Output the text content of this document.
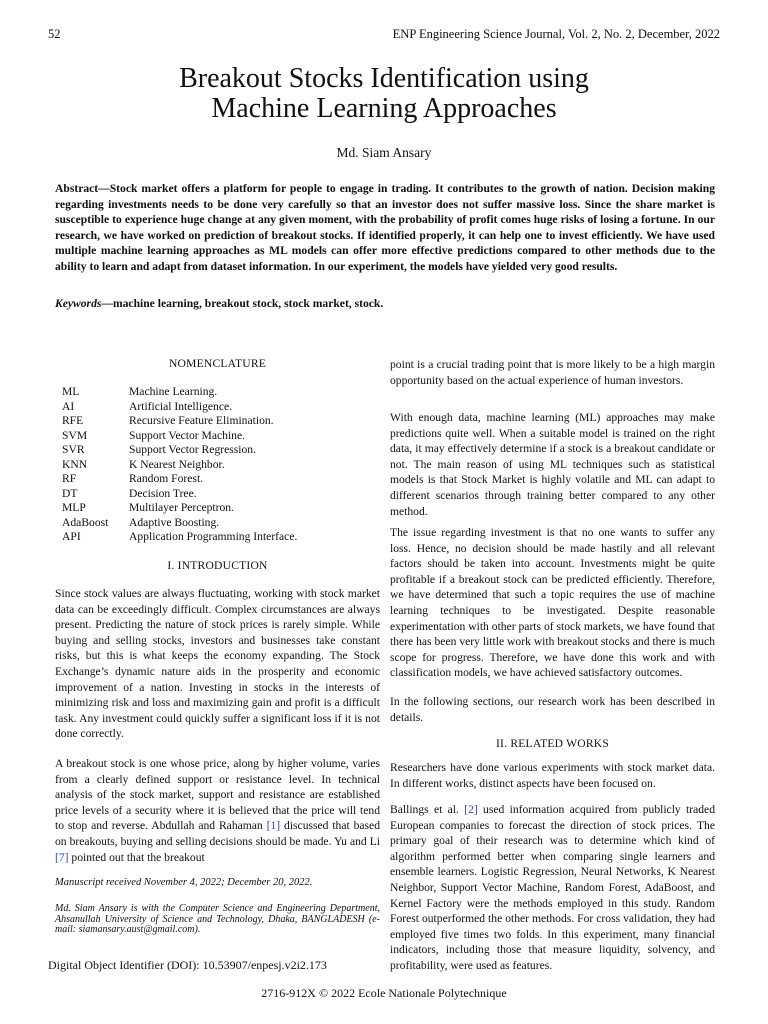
52	ENP Engineering Science Journal, Vol. 2, No. 2, December, 2022
Breakout Stocks Identification using
Machine Learning Approaches
Md. Siam Ansary

Abstract—Stock market offers a platform for people to engage in trading. It contributes to the growth of nation. Decision making regarding investments needs to be done very carefully so that an investor does not suffer massive loss. Since the share market is susceptible to experience huge change at any given moment, with the probability of profit comes huge risks of losing a fortune. In our research, we have worked on prediction of breakout stocks. If identified properly, it can help one to invest efficiently. We have used multiple machine learning approaches as ML models can offer more effective predictions compared to other methods due to the ability to learn and adapt from dataset information. In our experiment, the models have yielded very good results.

Keywords—machine learning, breakout stock, stock market, stock.

NOMENCLATURE
ML	Machine Learning.
AI	Artificial Intelligence.
RFE	Recursive Feature Elimination.
SVM	Support Vector Machine.
SVR	Support Vector Regression.
KNN	K Nearest Neighbor.
RF	Random Forest.
DT	Decision Tree.
MLP	Multilayer Perceptron.
AdaBoost	Adaptive Boosting.
API	Application Programming Interface.
I. INTRODUCTION

Since stock values are always fluctuating, working with stock market data can be exceedingly difficult. Complex circumstances are always present. Predicting the nature of stock prices is rarely simple. While buying and selling stocks, investors and businesses take constant risks, but this is what keeps the economy expanding. The Stock Exchange’s dynamic nature aids in the prosperity and economic improvement of a nation. Investing in stocks in the interests of minimizing risk and loss and maximizing gain and profit is a difficult task. Any investment could quickly suffer a significant loss if it is not done correctly.

A breakout stock is one whose price, along by higher volume, varies from a clearly defined support or resistance level. In technical analysis of the stock market, support and resistance are established price levels of a security where it is believed that the price will tend to stop and reverse. Abdullah and Rahaman [1] discussed that based on breakouts, buying and selling decisions should be made. Yu and Li [7] pointed out that the breakout

Manuscript received November 4, 2022; December 20, 2022.
Md. Siam Ansary is with the Computer Science and Engineering Department, Ahsanullah University of Science and Technology, Dhaka, BANGLADESH (e-mail: siamansary.aust@gmail.com).
Digital Object Identifier (DOI): 10.53907/enpesj.v2i2.173

point is a crucial trading point that is more likely to be a high margin opportunity based on the actual experience of human investors.

With enough data, machine learning (ML) approaches may make predictions quite well. When a suitable model is trained on the right data, it may effectively determine if a stock is a breakout candidate or not. The main reason of using ML techniques such as statistical models is that Stock Market is highly volatile and ML can adapt to different scenarios through training better compared to any other method.

The issue regarding investment is that no one wants to suffer any loss. Hence, no decision should be made hastily and all relevant factors should be taken into account. Investments might be quite profitable if a breakout stock can be predicted efficiently. Therefore, we have determined that such a topic requires the use of machine learning techniques to be investigated. Despite reasonable experimentation with other parts of stock markets, we have found that there has been very little work with breakout stocks and there is much scope for progress. Therefore, we have done this work and with classification models, we have achieved satisfactory outcomes.

In the following sections, our research work has been described in details.

II. RELATED WORKS

Researchers have done various experiments with stock market data. In different works, distinct aspects have been focused on.

Ballings et al. [2] used information acquired from publicly traded European companies to forecast the direction of stock prices. The primary goal of their research was to determine which kind of algorithm performed better when comparing single learners and ensemble learners. Logistic Regression, Neural Networks, K Nearest Neighbor, Support Vector Machine, Random Forest, AdaBoost, and Kernel Factory were the methods employed in this study. Random Forest outperformed the other methods. For cross validation, they had employed five times two folds. In this experiment, many financial indicators, including those that measure liquidity, solvency, and profitability, were used as features.

2716-912X © 2022 Ecole Nationale Polytechnique
